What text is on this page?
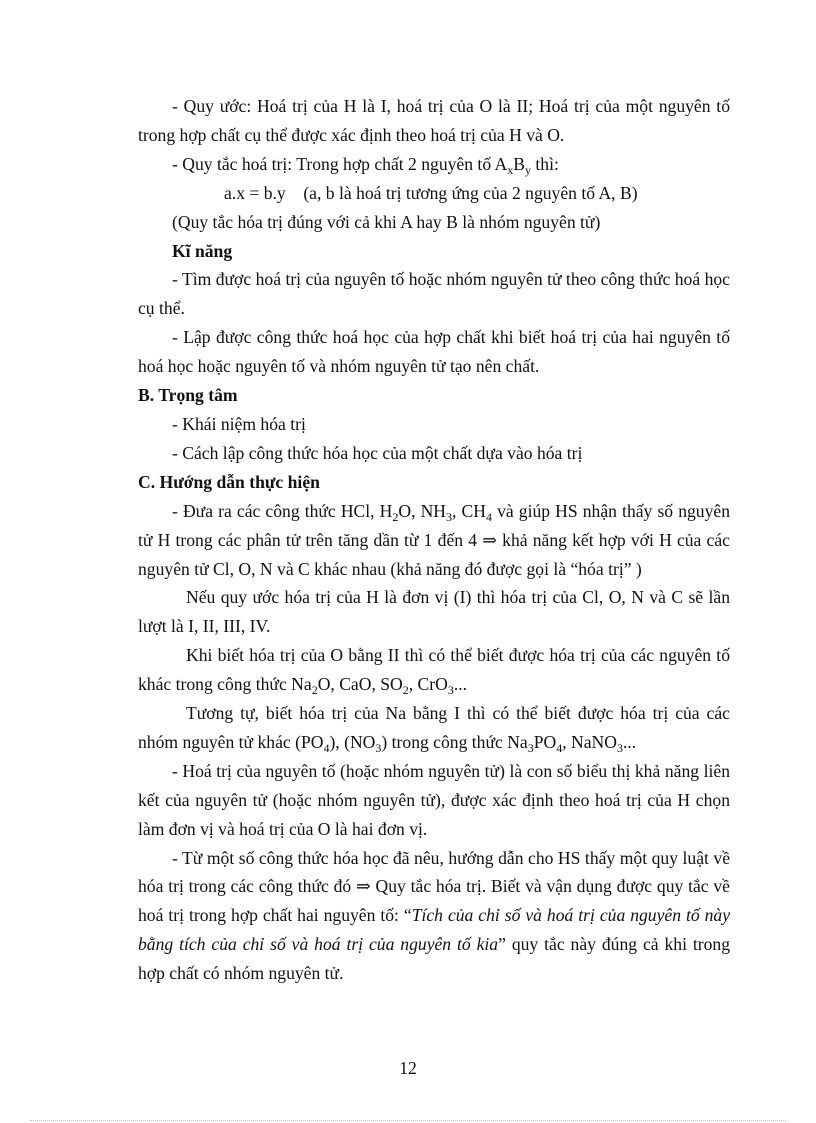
- Quy ước: Hoá trị của H là I, hoá trị của O là II; Hoá trị của một nguyên tố trong hợp chất cụ thể được xác định theo hoá trị của H và O.

- Quy tắc hoá trị: Trong hợp chất 2 nguyên tố $A_xB_y$ thì:

a.x = b.y (a, b là hoá trị tương ứng của 2 nguyên tố A, B)

(Quy tắc hóa trị đúng với cả khi A hay B là nhóm nguyên tử)

Kĩ năng

- Tìm được hoá trị của nguyên tố hoặc nhóm nguyên tử theo công thức hoá học cụ thể.

- Lập được công thức hoá học của hợp chất khi biết hoá trị của hai nguyên tố hoá học hoặc nguyên tố và nhóm nguyên tử tạo nên chất.

B. Trọng tâm

- Khái niệm hóa trị

- Cách lập công thức hóa học của một chất dựa vào hóa trị

C. Hướng dẫn thực hiện

- Đưa ra các công thức HCl, $H_2O$, $NH_3$, $CH_4$ và giúp HS nhận thấy số nguyên tử H trong các phân tử trên tăng dần từ 1 đến 4 ⇒ khả năng kết hợp với H của các nguyên tử Cl, O, N và C khác nhau (khả năng đó được gọi là “hóa trị” )

Nếu quy ước hóa trị của H là đơn vị (I) thì hóa trị của Cl, O, N và C sẽ lần lượt là I, II, III, IV.

Khi biết hóa trị của O bằng II thì có thể biết được hóa trị của các nguyên tố khác trong công thức $Na_2O$, CaO, $SO_2$, CrO$_3$...

Tương tự, biết hóa trị của Na bằng I thì có thể biết được hóa trị của các nhóm nguyên tử khác $(PO_4)$, $(NO_3)$ trong công thức $Na_3PO_4$, NaNO$_3$...

- Hoá trị của nguyên tố (hoặc nhóm nguyên tử) là con số biểu thị khả năng liên kết của nguyên tử (hoặc nhóm nguyên tử), được xác định theo hoá trị của H chọn làm đơn vị và hoá trị của O là hai đơn vị.

- Từ một số công thức hóa học đã nêu, hướng dẫn cho HS thấy một quy luật về hóa trị trong các công thức đó ⇒ Quy tắc hóa trị. Biết và vận dụng được quy tắc về hoá trị trong hợp chất hai nguyên tố: “Tích của chỉ số và hoá trị của nguyên tố này bằng tích của chỉ số và hoá trị của nguyên tố kia” quy tắc này đúng cả khi trong hợp chất có nhóm nguyên tử.

12
